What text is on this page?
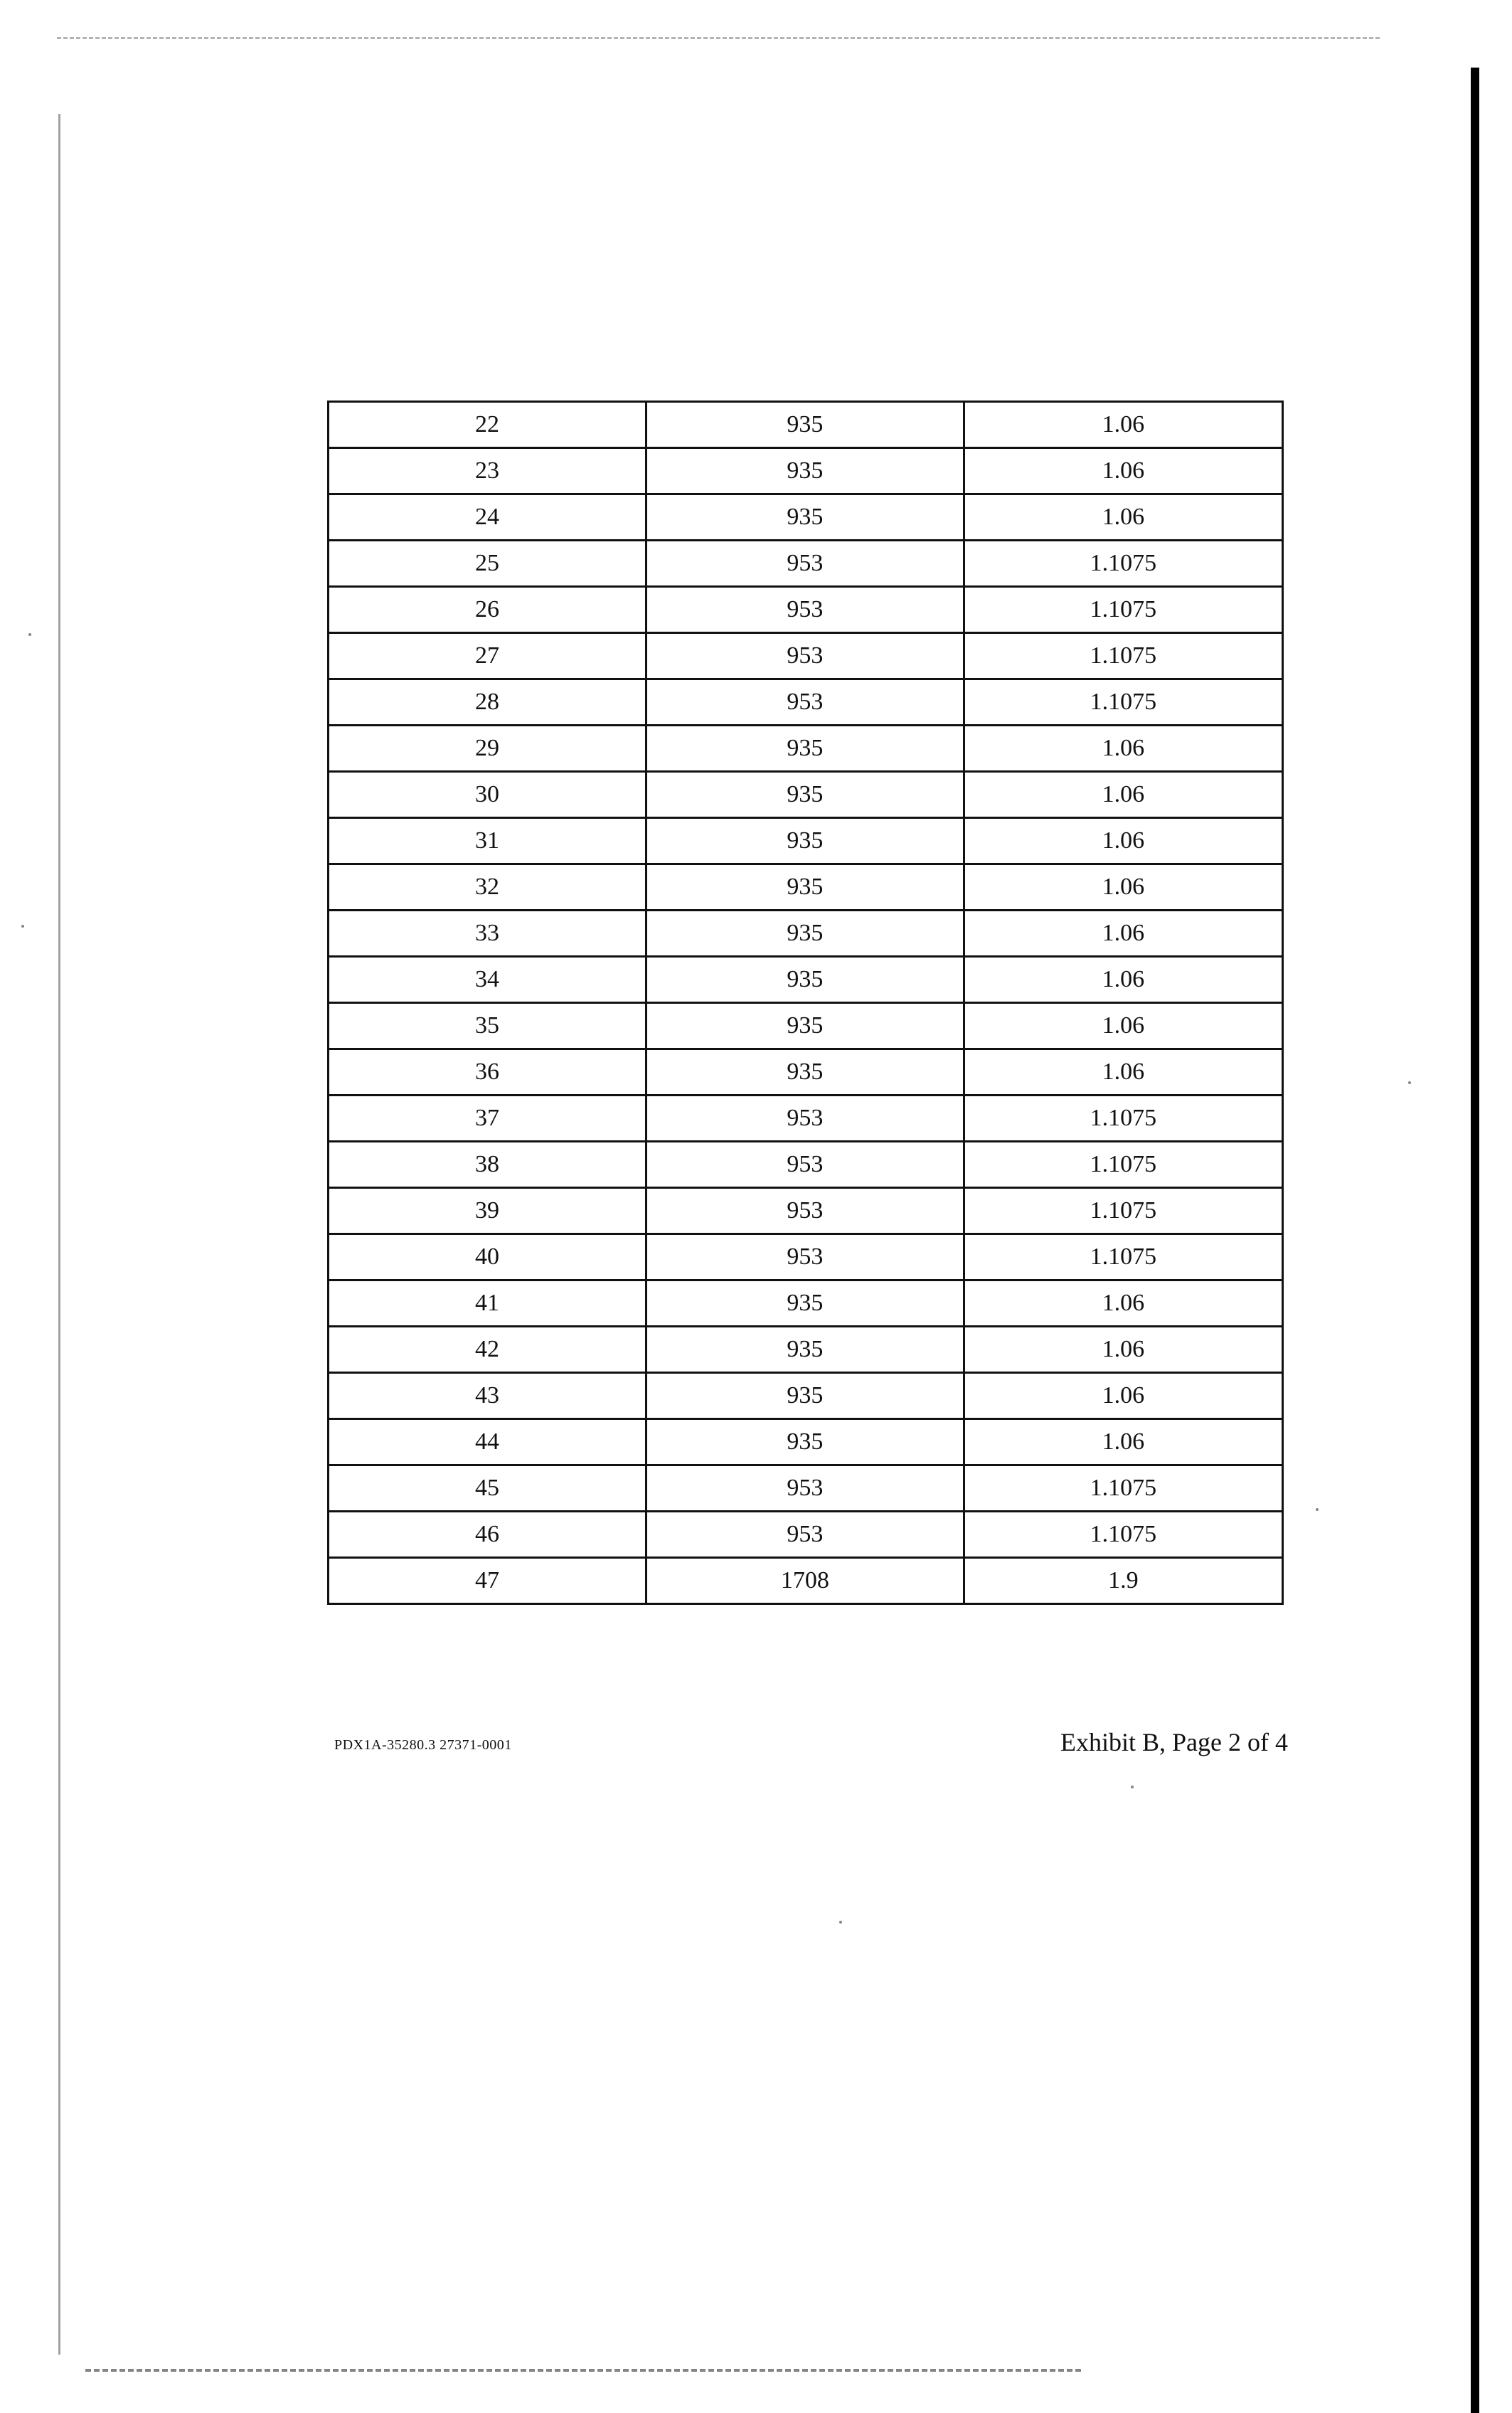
22	935	1.06
23	935	1.06
24	935	1.06
25	953	1.1075
26	953	1.1075
27	953	1.1075
28	953	1.1075
29	935	1.06
30	935	1.06
31	935	1.06
32	935	1.06
33	935	1.06
34	935	1.06
35	935	1.06
36	935	1.06
37	953	1.1075
38	953	1.1075
39	953	1.1075
40	953	1.1075
41	935	1.06
42	935	1.06
43	935	1.06
44	935	1.06
45	953	1.1075
46	953	1.1075
47	1708	1.9
PDX1A-35280.3 27371-0001	Exhibit B, Page 2 of 4
